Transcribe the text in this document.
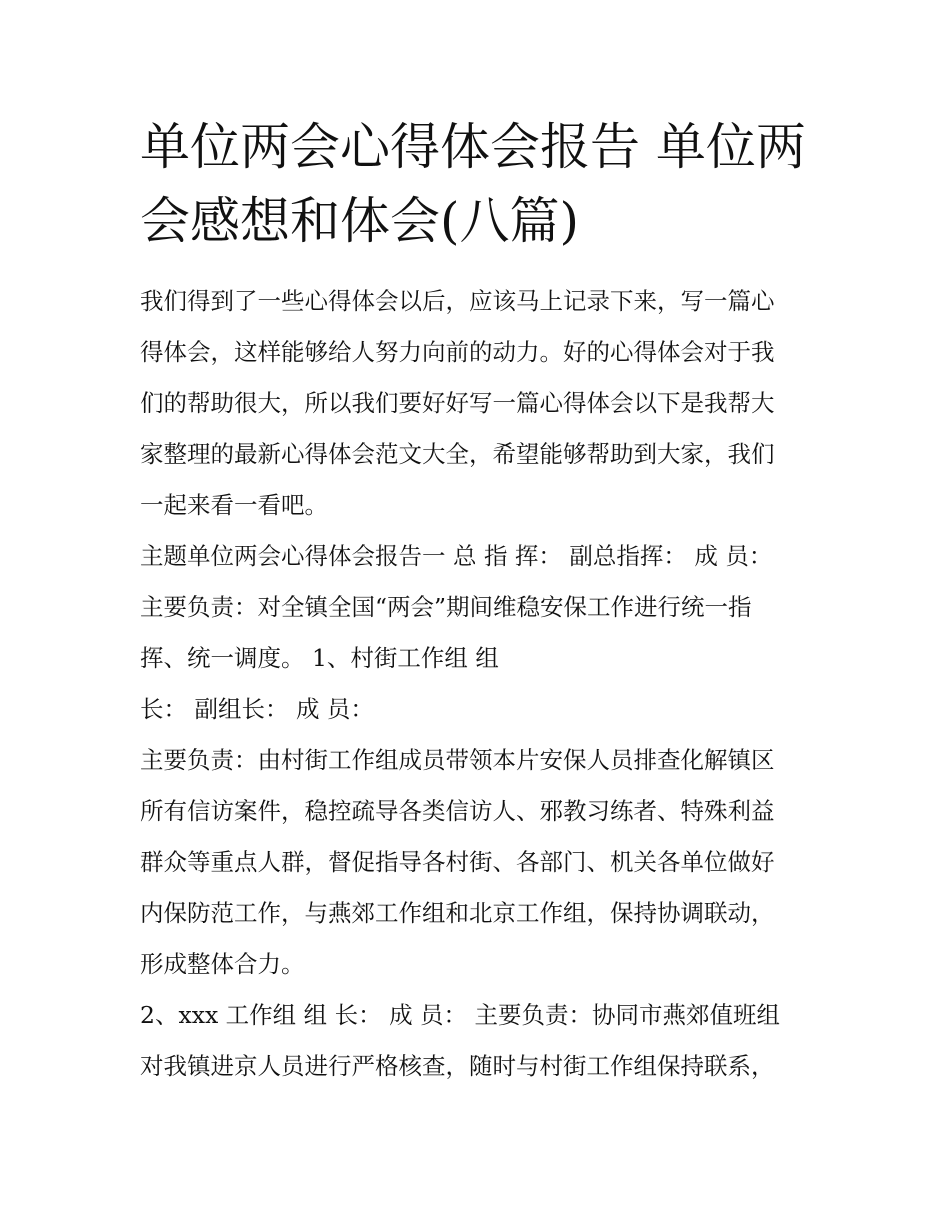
单位两会心得体会报告 单位两
会感想和体会(八篇)

我们得到了一些心得体会以后，应该马上记录下来，写一篇心
得体会，这样能够给人努力向前的动力。好的心得体会对于我
们的帮助很大，所以我们要好好写一篇心得体会以下是我帮大
家整理的最新心得体会范文大全，希望能够帮助到大家，我们
一起来看一看吧。

主题单位两会心得体会报告一 总 指 挥： 副总指挥： 成 员：
主要负责：对全镇全国“两会”期间维稳安保工作进行统一指
挥、统一调度。 1、村街工作组 组
长： 副组长： 成 员：

主要负责：由村街工作组成员带领本片安保人员排查化解镇区
所有信访案件，稳控疏导各类信访人、邪教习练者、特殊利益
群众等重点人群，督促指导各村街、各部门、机关各单位做好
内保防范工作，与燕郊工作组和北京工作组，保持协调联动，
形成整体合力。

2、xxx 工作组 组 长： 成 员： 主要负责：协同市燕郊值班组
对我镇进京人员进行严格核查，随时与村街工作组保持联系，
